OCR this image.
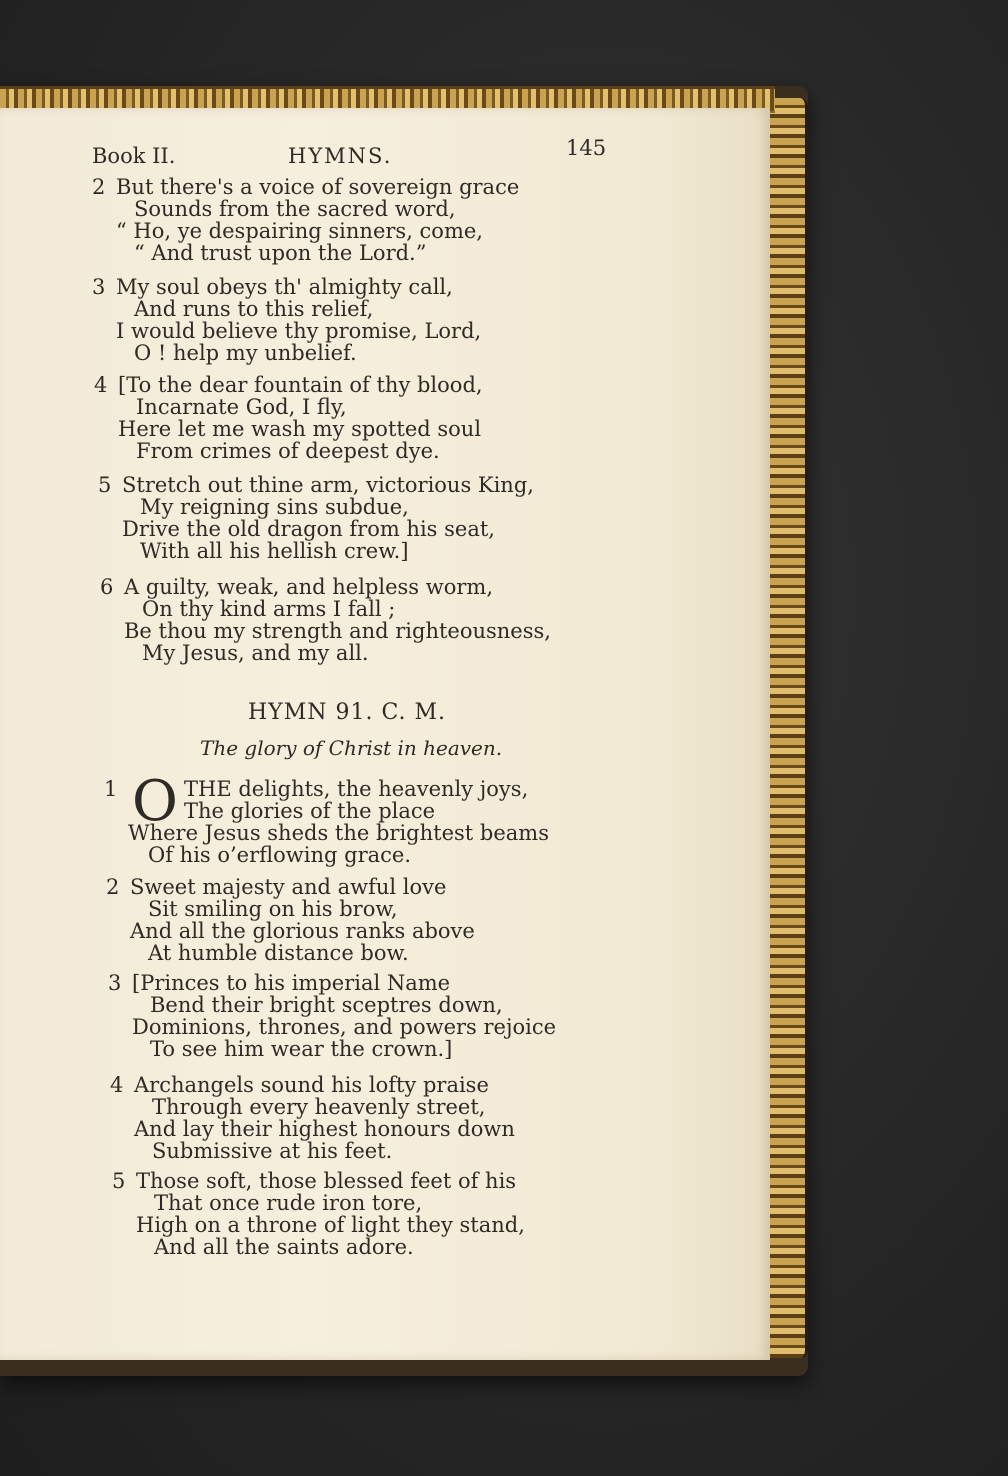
Book II.	HYMNS.	145
2 But there's a voice of sovereign grace
Sounds from the sacred word,
“ Ho, ye despairing sinners, come,
“ And trust upon the Lord.”
3 My soul obeys th' almighty call,
And runs to this relief,
I would believe thy promise, Lord,
O ! help my unbelief.
4 [To the dear fountain of thy blood,
Incarnate God, I fly,
Here let me wash my spotted soul
From crimes of deepest dye.
5 Stretch out thine arm, victorious King,
My reigning sins subdue,
Drive the old dragon from his seat,
With all his hellish crew.]
6 A guilty, weak, and helpless worm,
On thy kind arms I fall ;
Be thou my strength and righteousness,
My Jesus, and my all.
HYMN 91. C. M.
The glory of Christ in heaven.
O
1	THE delights, the heavenly joys,
The glories of the place
Where Jesus sheds the brightest beams
Of his o’erflowing grace.
2 Sweet majesty and awful love
Sit smiling on his brow,
And all the glorious ranks above
At humble distance bow.
3 [Princes to his imperial Name
Bend their bright sceptres down,
Dominions, thrones, and powers rejoice
To see him wear the crown.]
4 Archangels sound his lofty praise
Through every heavenly street,
And lay their highest honours down
Submissive at his feet.
5 Those soft, those blessed feet of his
That once rude iron tore,
High on a throne of light they stand,
And all the saints adore.
